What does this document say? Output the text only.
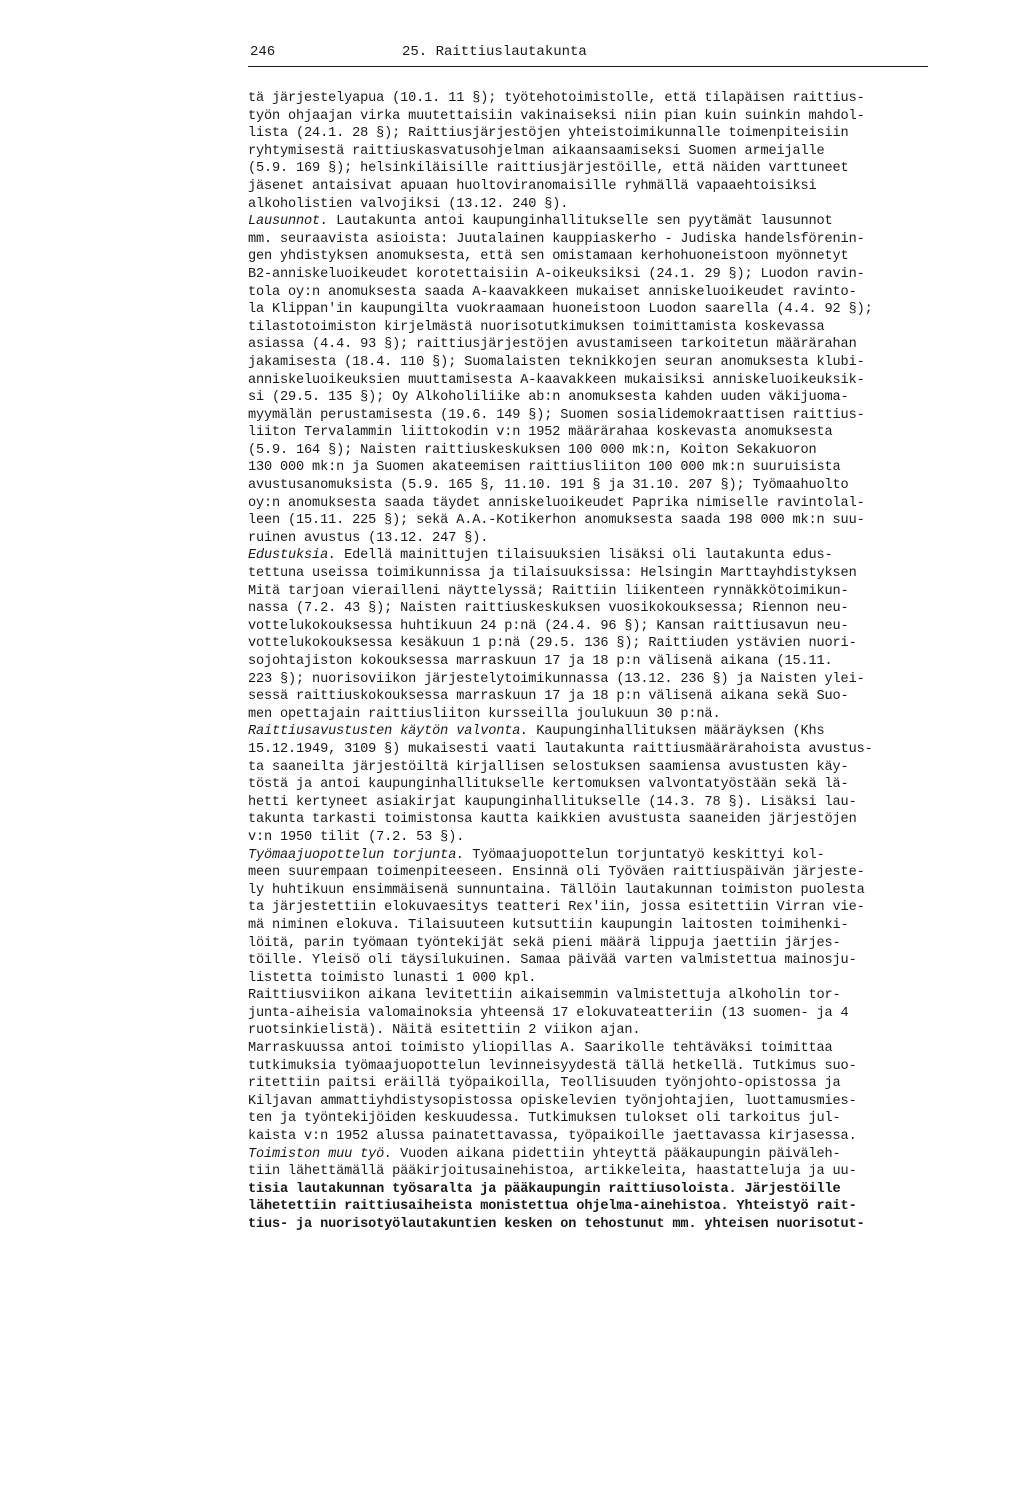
246	25. Raittiuslautakunta
tä järjestelyapua (10.1. 11 §); työtehotoimistolle, että tilapäisen raittius-
työn ohjaajan virka muutettaisiin vakinaiseksi niin pian kuin suinkin mahdol-
lista (24.1. 28 §); Raittiusjärjestöjen yhteistoimikunnalle toimenpiteisiin
ryhtymisestä raittiuskasvatusohjelman aikaansaamiseksi Suomen armeijalle
(5.9. 169 §); helsinkiläisille raittiusjärjestöille, että näiden varttuneet
jäsenet antaisivat apuaan huoltoviranomaisille ryhmällä vapaaehtoisiksi
alkoholistien valvojiksi (13.12. 240 §).
Lausunnot. Lautakunta antoi kaupunginhallitukselle sen pyytämät lausunnot
mm. seuraavista asioista: Juutalainen kauppiaskerho - Judiska handelsförenin-
gen yhdistyksen anomuksesta, että sen omistamaan kerhohuoneistoon myönnetyt
B2-anniskeluoikeudet korotettaisiin A-oikeuksiksi (24.1. 29 §); Luodon ravin-
tola oy:n anomuksesta saada A-kaavakkeen mukaiset anniskeluoikeudet ravinto-
la Klippan'in kaupungilta vuokraamaan huoneistoon Luodon saarella (4.4. 92 §);
tilastotoimiston kirjelmästä nuorisotutkimuksen toimittamista koskevassa
asiassa (4.4. 93 §); raittiusjärjestöjen avustamiseen tarkoitetun määrärahan
jakamisesta (18.4. 110 §); Suomalaisten teknikkojen seuran anomuksesta klubi-
anniskeluoikeuksien muuttamisesta A-kaavakkeen mukaisiksi anniskeluoikeuksik-
si (29.5. 135 §); Oy Alkoholiliike ab:n anomuksesta kahden uuden väkijuoma-
myymälän perustamisesta (19.6. 149 §); Suomen sosialidemokraattisen raittius-
liiton Tervalammin liittokodin v:n 1952 määrärahaa koskevasta anomuksesta
(5.9. 164 §); Naisten raittiuskeskuksen 100 000 mk:n, Koiton Sekakuoron
130 000 mk:n ja Suomen akateemisen raittiusliiton 100 000 mk:n suuruisista
avustusanomuksista (5.9. 165 §, 11.10. 191 § ja 31.10. 207 §); Työmaahuolto
oy:n anomuksesta saada täydet anniskeluoikeudet Paprika nimiselle ravintolal-
leen (15.11. 225 §); sekä A.A.-Kotikerhon anomuksesta saada 198 000 mk:n suu-
ruinen avustus (13.12. 247 §).
Edustuksia. Edellä mainittujen tilaisuuksien lisäksi oli lautakunta edus-
tettuna useissa toimikunnissa ja tilaisuuksissa: Helsingin Marttayhdistyksen
Mitä tarjoan vierailleni näyttelyssä; Raittiin liikenteen rynnäkkötoimikun-
nassa (7.2. 43 §); Naisten raittiuskeskuksen vuosikokouksessa; Riennon neu-
vottelukokouksessa huhtikuun 24 p:nä (24.4. 96 §); Kansan raittiusavun neu-
vottelukokouksessa kesäkuun 1 p:nä (29.5. 136 §); Raittiuden ystävien nuori-
sojohtajiston kokouksessa marraskuun 17 ja 18 p:n välisenä aikana (15.11.
223 §); nuorisoviikon järjestelytoimikunnassa (13.12. 236 §) ja Naisten ylei-
sessä raittiuskokouksessa marraskuun 17 ja 18 p:n välisenä aikana sekä Suo-
men opettajain raittiusliiton kursseilla joulukuun 30 p:nä.
Raittiusavustusten käytön valvonta. Kaupunginhallituksen määräyksen (Khs
15.12.1949, 3109 §) mukaisesti vaati lautakunta raittiusmäärärahoista avustus-
ta saaneilta järjestöiltä kirjallisen selostuksen saamiensa avustusten käy-
töstä ja antoi kaupunginhallitukselle kertomuksen valvontatyöstään sekä lä-
hetti kertyneet asiakirjat kaupunginhallitukselle (14.3. 78 §). Lisäksi lau-
takunta tarkasti toimistonsa kautta kaikkien avustusta saaneiden järjestöjen
v:n 1950 tilit (7.2. 53 §).
Työmaajuopottelun torjunta. Työmaajuopottelun torjuntatyö keskittyi kol-
meen suurempaan toimenpiteeseen. Ensinnä oli Työväen raittiuspäivän järjeste-
ly huhtikuun ensimmäisenä sunnuntaina. Tällöin lautakunnan toimiston puolesta
ta järjestettiin elokuvaesitys teatteri Rex'iin, jossa esitettiin Virran vie-
mä niminen elokuva. Tilaisuuteen kutsuttiin kaupungin laitosten toimihenki-
löitä, parin työmaan työntekijät sekä pieni määrä lippuja jaettiin järjes-
töille. Yleisö oli täysilukuinen. Samaa päivää varten valmistettua mainosju-
listetta toimisto lunasti 1 000 kpl.
Raittiusviikon aikana levitettiin aikaisemmin valmistettuja alkoholin tor-
junta-aiheisia valomainoksia yhteensä 17 elokuvateatteriin (13 suomen- ja 4
ruotsinkielistä). Näitä esitettiin 2 viikon ajan.
Marraskuussa antoi toimisto yliopillas A. Saarikolle tehtäväksi toimittaa
tutkimuksia työmaajuopottelun levinneisyydestä tällä hetkellä. Tutkimus suo-
ritettiin paitsi eräillä työpaikoilla, Teollisuuden työnjohto-opistossa ja
Kiljavan ammattiyhdistysopistossa opiskelevien työnjohtajien, luottamusmies-
ten ja työntekijöiden keskuudessa. Tutkimuksen tulokset oli tarkoitus jul-
kaista v:n 1952 alussa painatettavassa, työpaikoille jaettavassa kirjasessa.
Toimiston muu työ. Vuoden aikana pidettiin yhteyttä pääkaupungin päiväleh-
tiin lähettämällä pääkirjoitusainehistoa, artikkeleita, haastatteluja ja uu-
tisia lautakunnan työsaralta ja pääkaupungin raittiusoloista. Järjestöille
lähetettiin raittiusaiheista monistettua ohjelma-ainehistoa. Yhteistyö rait-
tius- ja nuorisotyölautakuntien kesken on tehostunut mm. yhteisen nuorisotut-
